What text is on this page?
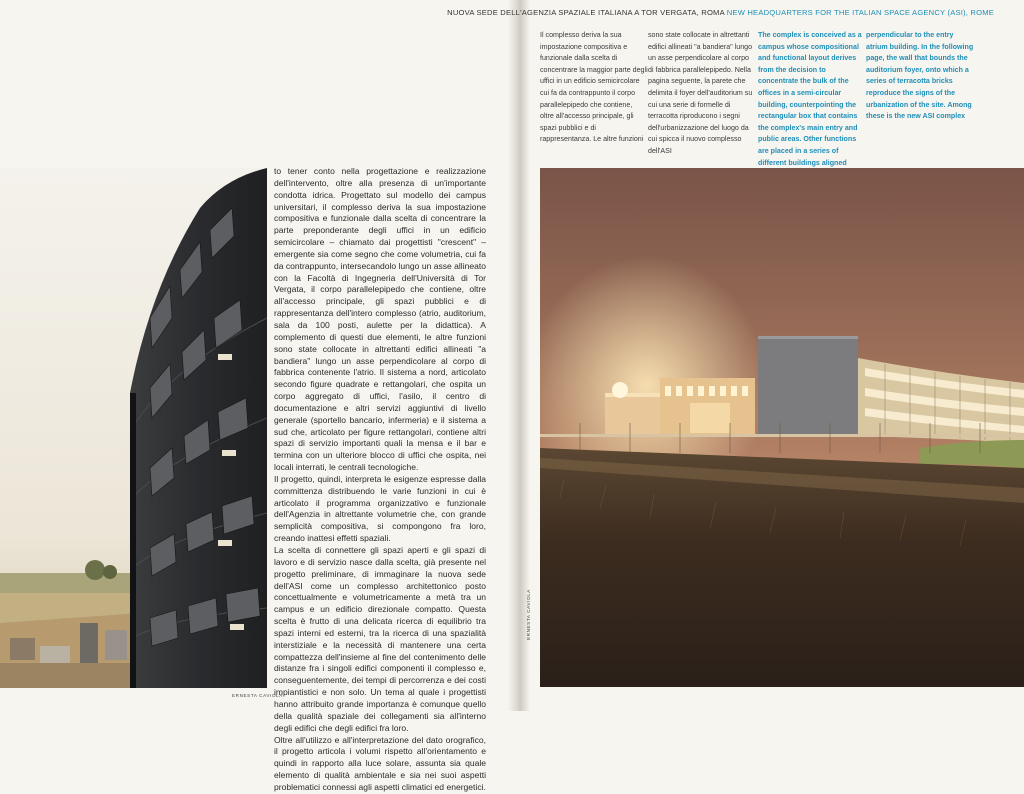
NUOVA SEDE DELL'AGENZIA SPAZIALE ITALIANA A TOR VERGATA, ROMA NEW HEADQUARTERS FOR THE ITALIAN SPACE AGENCY (ASI), ROME
Il complesso deriva la sua impostazione compositiva e funzionale dalla scelta di concentrare la maggior parte degli uffici in un edificio semicircolare cui fa da contrappunto il corpo parallelepipedo che contiene, oltre all'accesso principale, gli spazi pubblici e di rappresentanza. Le altre funzioni
sono state collocate in altrettanti edifici allineati "a bandiera" lungo un asse perpendicolare al corpo di fabbrica parallelepipedo. Nella pagina seguente, la parete che delimita il foyer dell'auditorium su cui una serie di formelle di terracotta riproducono i segni dell'urbanizzazione del luogo da cui spicca il nuovo complesso dell'ASI
The complex is conceived as a campus whose compositional and functional layout derives from the decision to concentrate the bulk of the offices in a semi-circular building, counterpointing the rectangular box that contains the complex's main entry and public areas. Other functions are placed in a series of different buildings aligned
perpendicular to the entry atrium building. In the following page, the wall that bounds the auditorium foyer, onto which a series of terracotta bricks reproduce the signs of the urbanization of the site. Among these is the new ASI complex
ERNESTA CAVIOLA

to tener conto nella progettazione e realizzazione dell'intervento, oltre alla presenza di un'importante condotta idrica. Progettato sul modello dei campus universitari, il complesso deriva la sua impostazione compositiva e funzionale dalla scelta di concentrare la parte preponderante degli uffici in un edificio semicircolare – chiamato dai progettisti "crescent" – emergente sia come segno che come volumetria, cui fa da contrappunto, intersecandolo lungo un asse allineato con la Facoltà di Ingegneria dell'Università di Tor Vergata, il corpo parallelepipedo che contiene, oltre all'accesso principale, gli spazi pubblici e di rappresentanza dell'intero complesso (atrio, auditorium, sala da 100 posti, aulette per la didattica). A complemento di questi due elementi, le altre funzioni sono state collocate in altrettanti edifici allineati "a bandiera" lungo un asse perpendicolare al corpo di fabbrica contenente l'atrio. Il sistema a nord, articolato secondo figure quadrate e rettangolari, che ospita un corpo aggregato di uffici, l'asilo, il centro di documentazione e altri servizi aggiuntivi di livello generale (sportello bancario, infermeria) e il sistema a sud che, articolato per figure rettangolari, contiene altri spazi di servizio importanti quali la mensa e il bar e termina con un ulteriore blocco di uffici che ospita, nei locali interrati, le centrali tecnologiche.

Il progetto, quindi, interpreta le esigenze espresse dalla committenza distribuendo le varie funzioni in cui è articolato il programma organizzativo e funzionale dell'Agenzia in altrettante volumetrie che, con grande semplicità compositiva, si compongono fra loro, creando inattesi effetti spaziali.

La scelta di connettere gli spazi aperti e gli spazi di lavoro e di servizio nasce dalla scelta, già presente nel progetto preliminare, di immaginare la nuova sede dell'ASI come un complesso architettonico posto concettualmente e volumetricamente a metà tra un campus e un edificio direzionale compatto. Questa scelta è frutto di una delicata ricerca di equilibrio tra spazi interni ed esterni, tra la ricerca di una spazialità interstiziale e la necessità di mantenere una certa compattezza dell'insieme al fine del contenimento delle distanze fra i singoli edifici componenti il complesso e, conseguentemente, dei tempi di percorrenza e dei costi impiantistici e non solo. Un tema al quale i progettisti hanno attribuito grande importanza è comunque quello della qualità spaziale dei collegamenti sia all'interno degli edifici che degli edifici fra loro.

Oltre all'utilizzo e all'interpretazione del dato orografico, il progetto articola i volumi rispetto all'orientamento e quindi in rapporto alla luce solare, assunta sia quale elemento di qualità ambientale e sia nei suoi aspetti problematici connessi agli aspetti climatici ed energetici.

ERNESTA CAVIOLA
